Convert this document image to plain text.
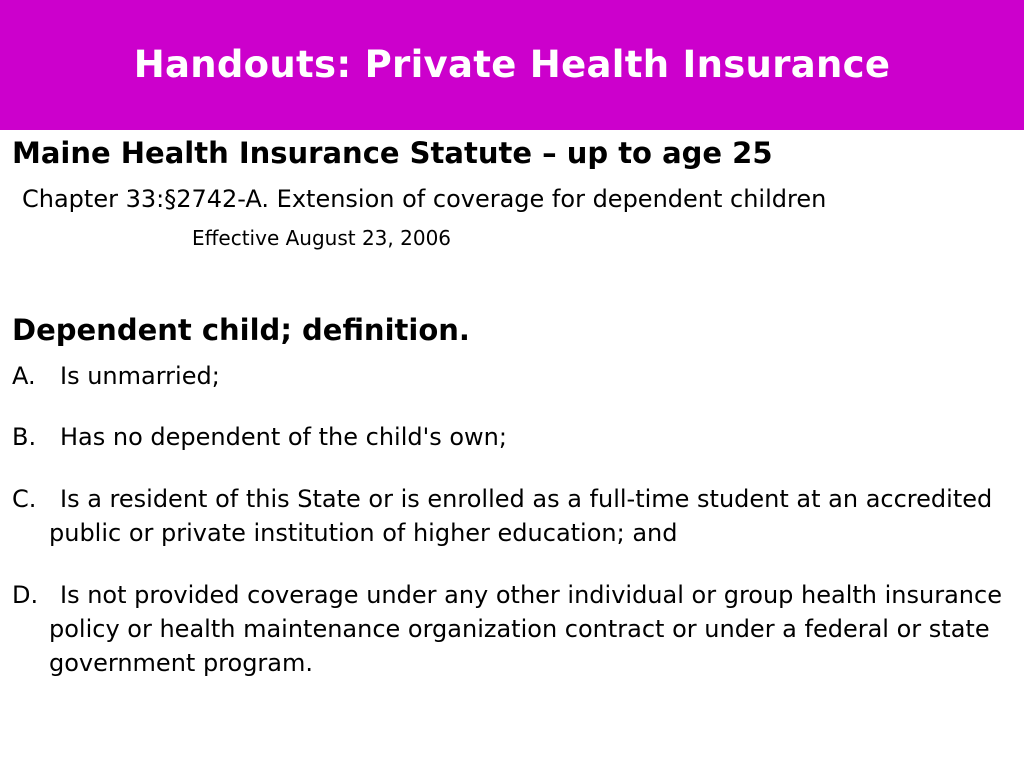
Handouts: Private Health Insurance
Maine Health Insurance Statute – up to age 25
Chapter 33:§2742-A. Extension of coverage for dependent children
Effective August 23, 2006
Dependent child; definition.
A. Is unmarried;
B. Has no dependent of the child's own;
C. Is a resident of this State or is enrolled as a full-time student at an accredited public or private institution of higher education; and
D. Is not provided coverage under any other individual or group health insurance policy or health maintenance organization contract or under a federal or state government program.
